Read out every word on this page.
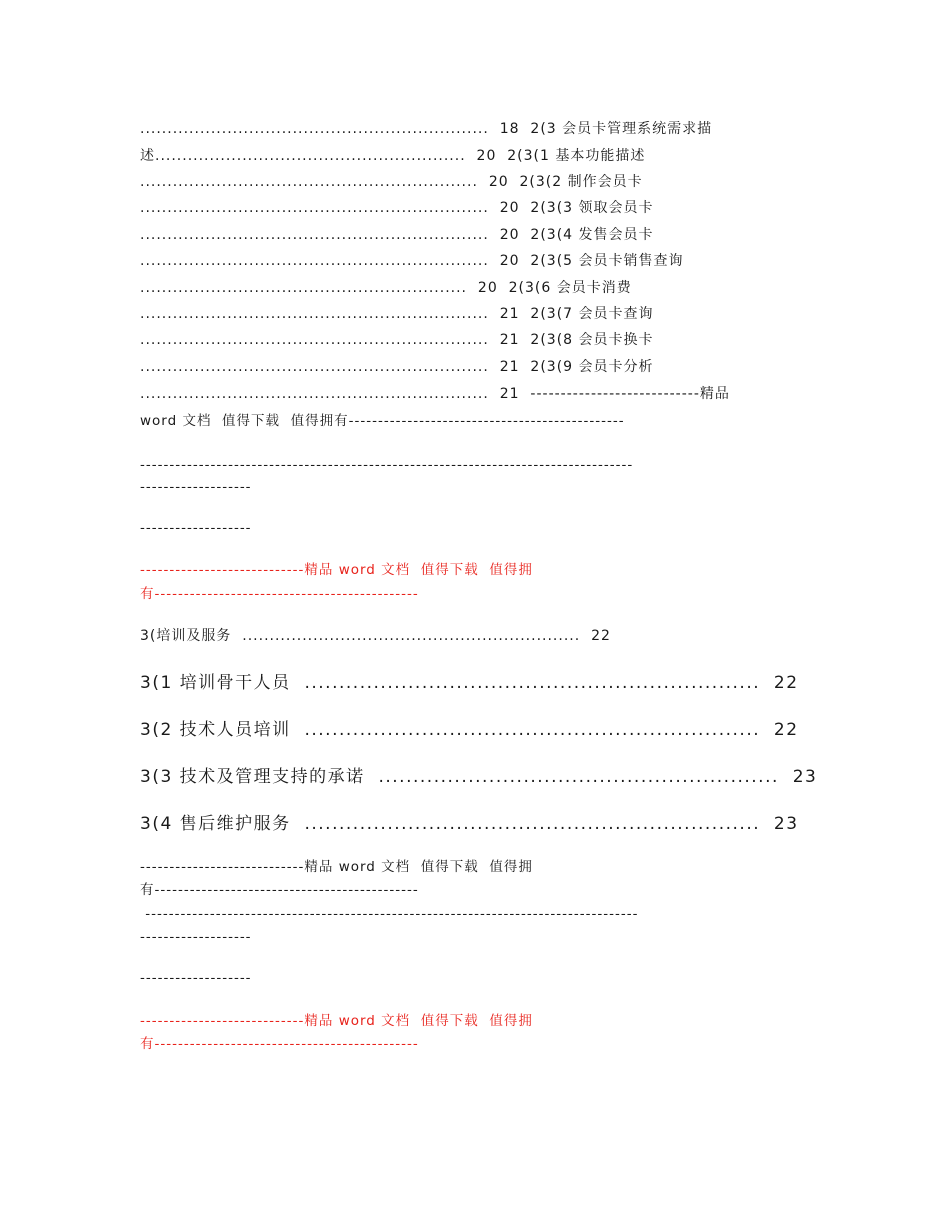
................................................................  18  2(3 会员卡管理系统需求描
述.........................................................  20  2(3(1 基本功能描述
..............................................................  20  2(3(2 制作会员卡
................................................................  20  2(3(3 领取会员卡
................................................................  20  2(3(4 发售会员卡
................................................................  20  2(3(5 会员卡销售查询
............................................................  20  2(3(6 会员卡消费
................................................................  21  2(3(7 会员卡查询
................................................................  21  2(3(8 会员卡换卡
................................................................  21  2(3(9 会员卡分析
................................................................  21  ----------------------------精品
word 文档  值得下载  值得拥有-----------------------------------------------
------------------------------------------------------------------------------------
-------------------
-------------------
----------------------------精品 word 文档  值得下载  值得拥
有---------------------------------------------
3(培训及服务  ..............................................................  22
3(1 培训骨干人员  ..................................................................  22
3(2 技术人员培训  ..................................................................  22
3(3 技术及管理支持的承诺  ..........................................................  23
3(4 售后维护服务  ..................................................................  23
----------------------------精品 word 文档  值得下载  值得拥
有---------------------------------------------
------------------------------------------------------------------------------------
-------------------
-------------------
----------------------------精品 word 文档  值得下载  值得拥
有---------------------------------------------
